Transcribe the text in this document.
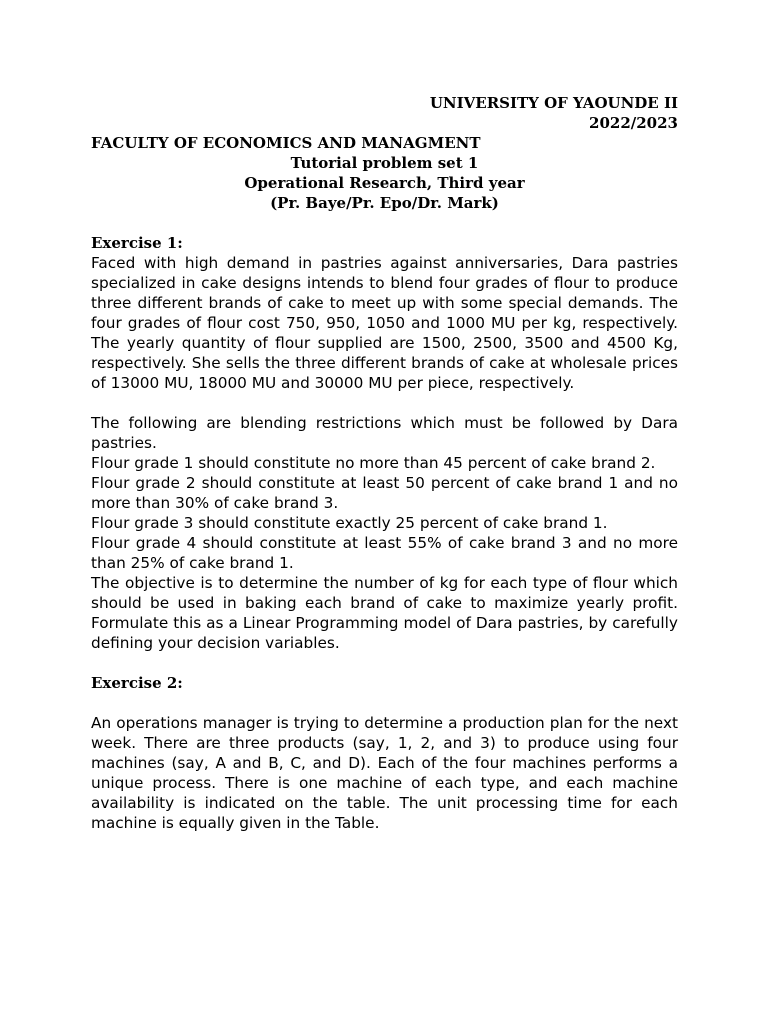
UNIVERSITY OF YAOUNDE II
2022/2023
FACULTY OF ECONOMICS AND MANAGMENT
Tutorial problem set 1
Operational Research, Third year
(Pr. Baye/Pr. Epo/Dr. Mark)
Exercise 1:

Faced with high demand in pastries against anniversaries, Dara pastries specialized in cake designs intends to blend four grades of flour to produce three different brands of cake to meet up with some special demands. The four grades of flour cost 750, 950, 1050 and 1000 MU per kg, respectively. The yearly quantity of flour supplied are 1500, 2500, 3500 and 4500 Kg, respectively. She sells the three different brands of cake at wholesale prices of 13000 MU, 18000 MU and 30000 MU per piece, respectively.

The following are blending restrictions which must be followed by Dara pastries.

Flour grade 1 should constitute no more than 45 percent of cake brand 2.

Flour grade 2 should constitute at least 50 percent of cake brand 1 and no more than 30% of cake brand 3.

Flour grade 3 should constitute exactly 25 percent of cake brand 1.

Flour grade 4 should constitute at least 55% of cake brand 3 and no more than 25% of cake brand 1.

The objective is to determine the number of kg for each type of flour which should be used in baking each brand of cake to maximize yearly profit. Formulate this as a Linear Programming model of Dara pastries, by carefully defining your decision variables.

Exercise 2:

An operations manager is trying to determine a production plan for the next week. There are three products (say, 1, 2, and 3) to produce using four machines (say, A and B, C, and D). Each of the four machines performs a unique process. There is one machine of each type, and each machine availability is indicated on the table. The unit processing time for each machine is equally given in the Table.
